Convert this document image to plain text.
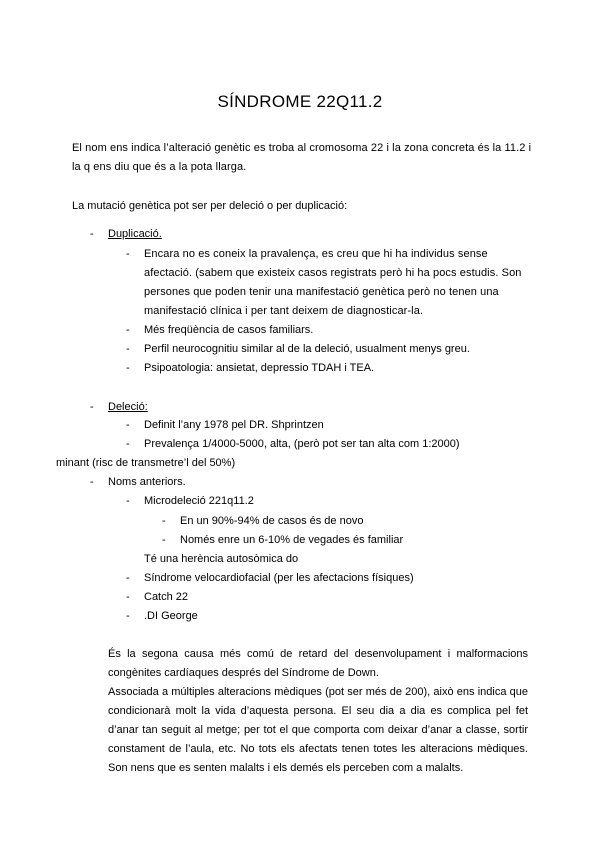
SÍNDROME 22Q11.2
El nom ens indica l’alteració genètic es troba al cromosoma 22 i la zona concreta és la 11.2 i la q ens diu que és a la pota llarga.
La mutació genètica pot ser per deleció o per duplicació:
- Duplicació.
- Encara no es coneix la pravalença, es creu que hi ha individus sense afectació. (sabem que existeix casos registrats però hi ha pocs estudis. Son persones que poden tenir una manifestació genètica però no tenen una manifestació clínica i per tant deixem de diagnosticar-la.
- Més freqüència de casos familiars.
- Perfil neurocognitiu similar al de la deleció, usualment menys greu.
- Psipoatologia: ansietat, depressio TDAH i TEA.
- Deleció:
- Definit l’any 1978 pel DR. Shprintzen
- Prevalença 1/4000-5000, alta, (però pot ser tan alta com 1:2000)
minant (risc de transmetre’l del 50%)
- Noms anteriors.
- Microdeleció 221q11.2
- En un 90%-94% de casos és de novo
- Només enre un 6-10% de vegades és familiar
Té una herència autosòmica do
- Síndrome velocardiofacial (per les afectacions físiques)
- Catch 22
- .DI George
És la segona causa més comú de retard del desenvolupament i malformacions congènites cardíaques després del Síndrome de Down.
Associada a múltiples alteracions mèdiques (pot ser més de 200), això ens indica que condicionarà molt la vida d’aquesta persona. El seu dia a dia es complica pel fet d’anar tan seguit al metge; per tot el que comporta com deixar d’anar a classe, sortir constament de l’aula, etc. No tots els afectats tenen totes les alteracions mèdiques. Son nens que es senten malalts i els demés els perceben com a malalts.
